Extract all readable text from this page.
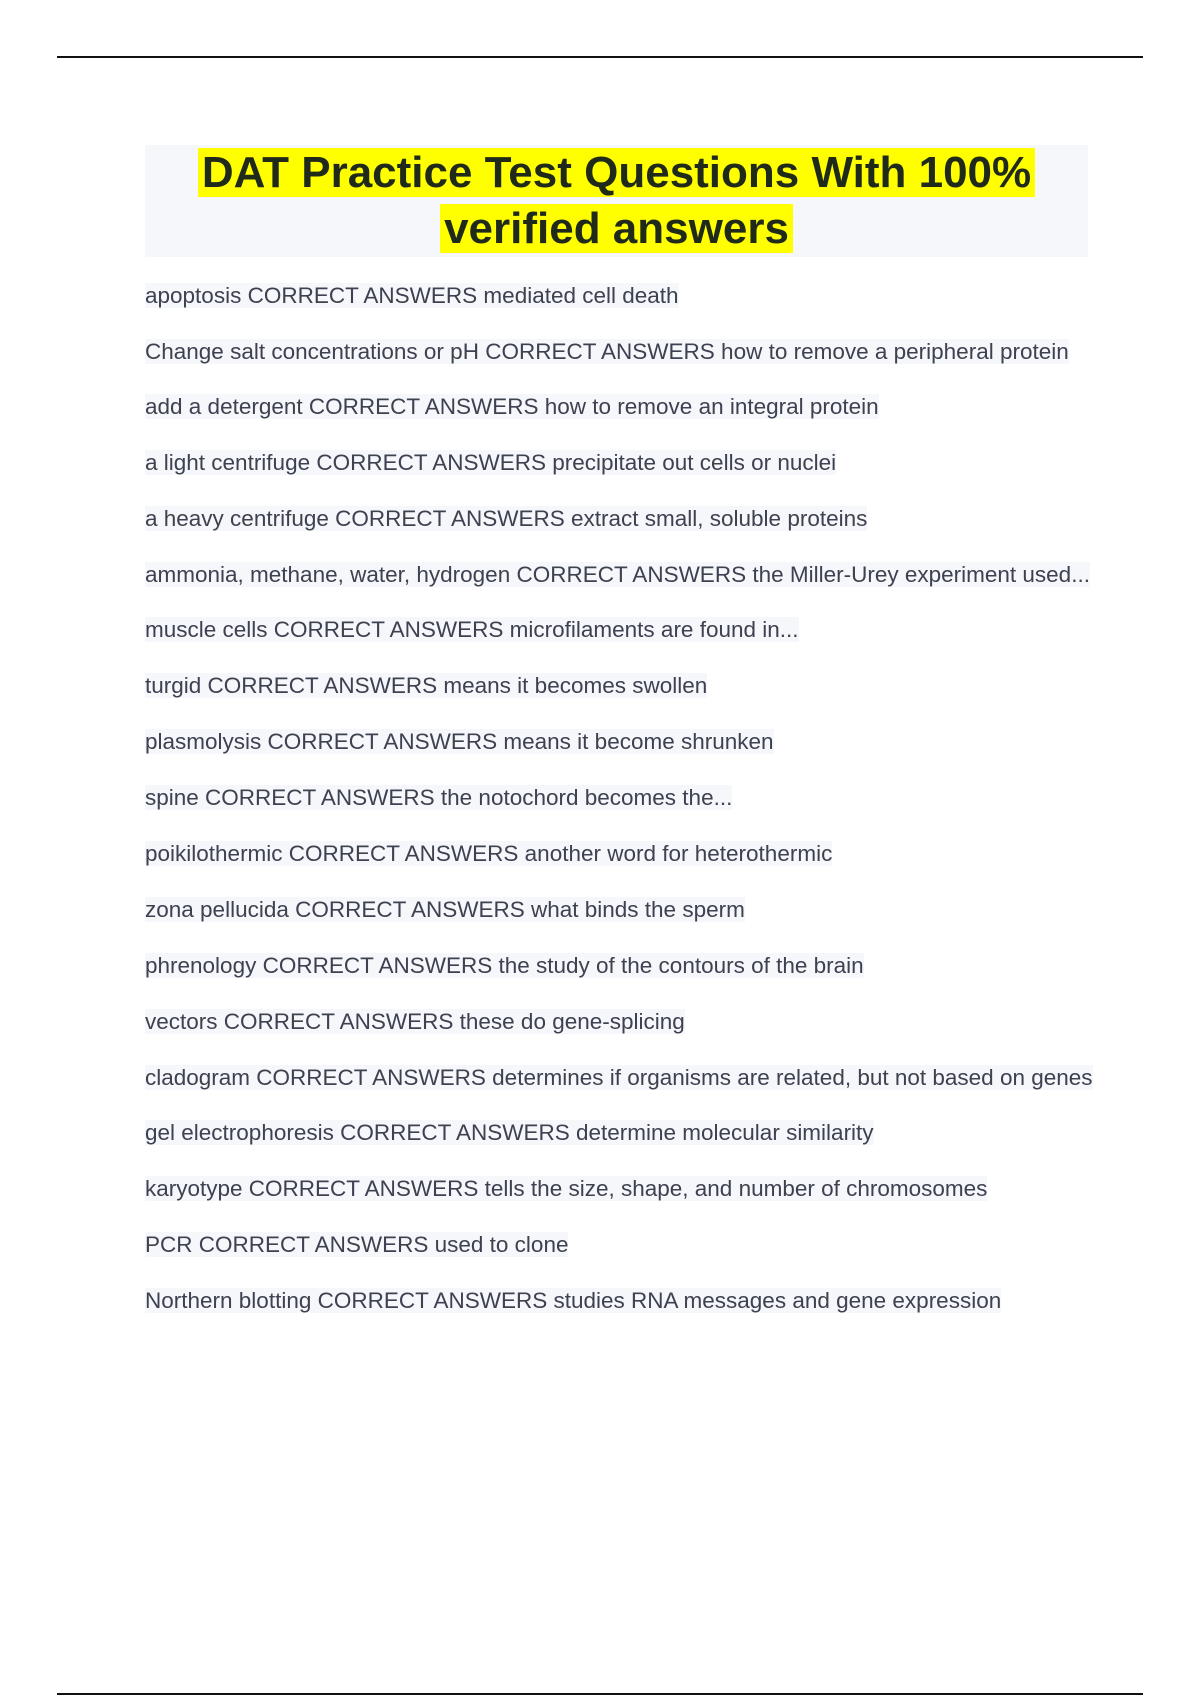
DAT Practice Test Questions With 100% verified answers
apoptosis CORRECT ANSWERS mediated cell death
Change salt concentrations or pH CORRECT ANSWERS how to remove a peripheral protein
add a detergent CORRECT ANSWERS how to remove an integral protein
a light centrifuge CORRECT ANSWERS precipitate out cells or nuclei
a heavy centrifuge CORRECT ANSWERS extract small, soluble proteins
ammonia, methane, water, hydrogen CORRECT ANSWERS the Miller-Urey experiment used...
muscle cells CORRECT ANSWERS microfilaments are found in...
turgid CORRECT ANSWERS means it becomes swollen
plasmolysis CORRECT ANSWERS means it become shrunken
spine CORRECT ANSWERS the notochord becomes the...
poikilothermic CORRECT ANSWERS another word for heterothermic
zona pellucida CORRECT ANSWERS what binds the sperm
phrenology CORRECT ANSWERS the study of the contours of the brain
vectors CORRECT ANSWERS these do gene-splicing
cladogram CORRECT ANSWERS determines if organisms are related, but not based on genes
gel electrophoresis CORRECT ANSWERS determine molecular similarity
karyotype CORRECT ANSWERS tells the size, shape, and number of chromosomes
PCR CORRECT ANSWERS used to clone
Northern blotting CORRECT ANSWERS studies RNA messages and gene expression
